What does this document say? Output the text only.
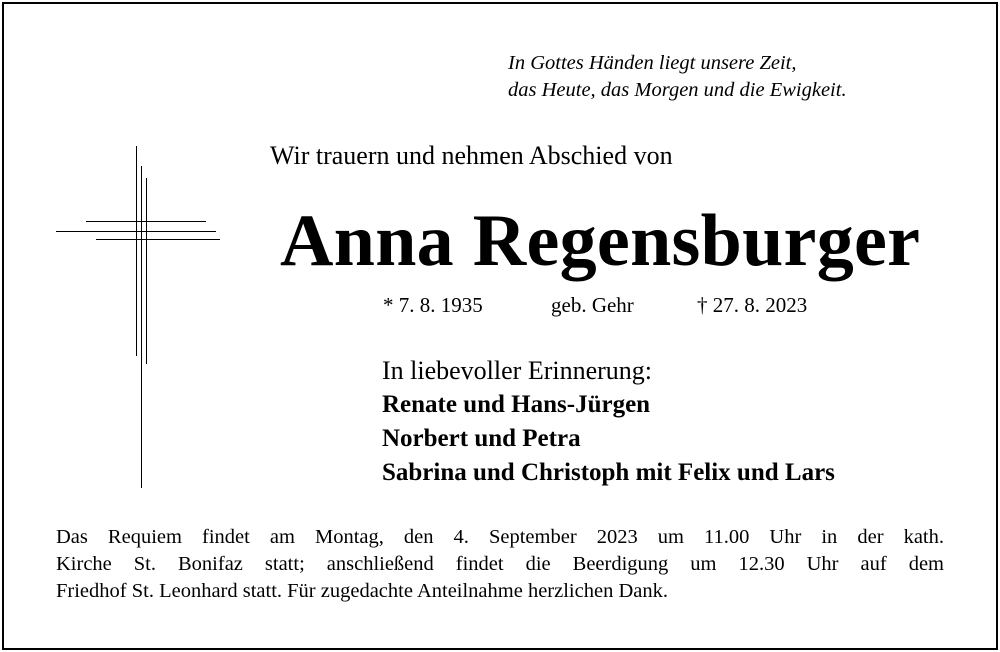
In Gottes Händen liegt unsere Zeit,
das Heute, das Morgen und die Ewigkeit.
Wir trauern und nehmen Abschied von
Anna Regensburger
* 7. 8. 1935	geb. Gehr	† 27. 8. 2023
In liebevoller Erinnerung:
Renate und Hans-Jürgen
Norbert und Petra
Sabrina und Christoph mit Felix und Lars
Das Requiem findet am Montag, den 4. September 2023 um 11.00 Uhr in der kath.
Kirche St. Bonifaz statt; anschließend findet die Beerdigung um 12.30 Uhr auf dem
Friedhof St. Leonhard statt. Für zugedachte Anteilnahme herzlichen Dank.
